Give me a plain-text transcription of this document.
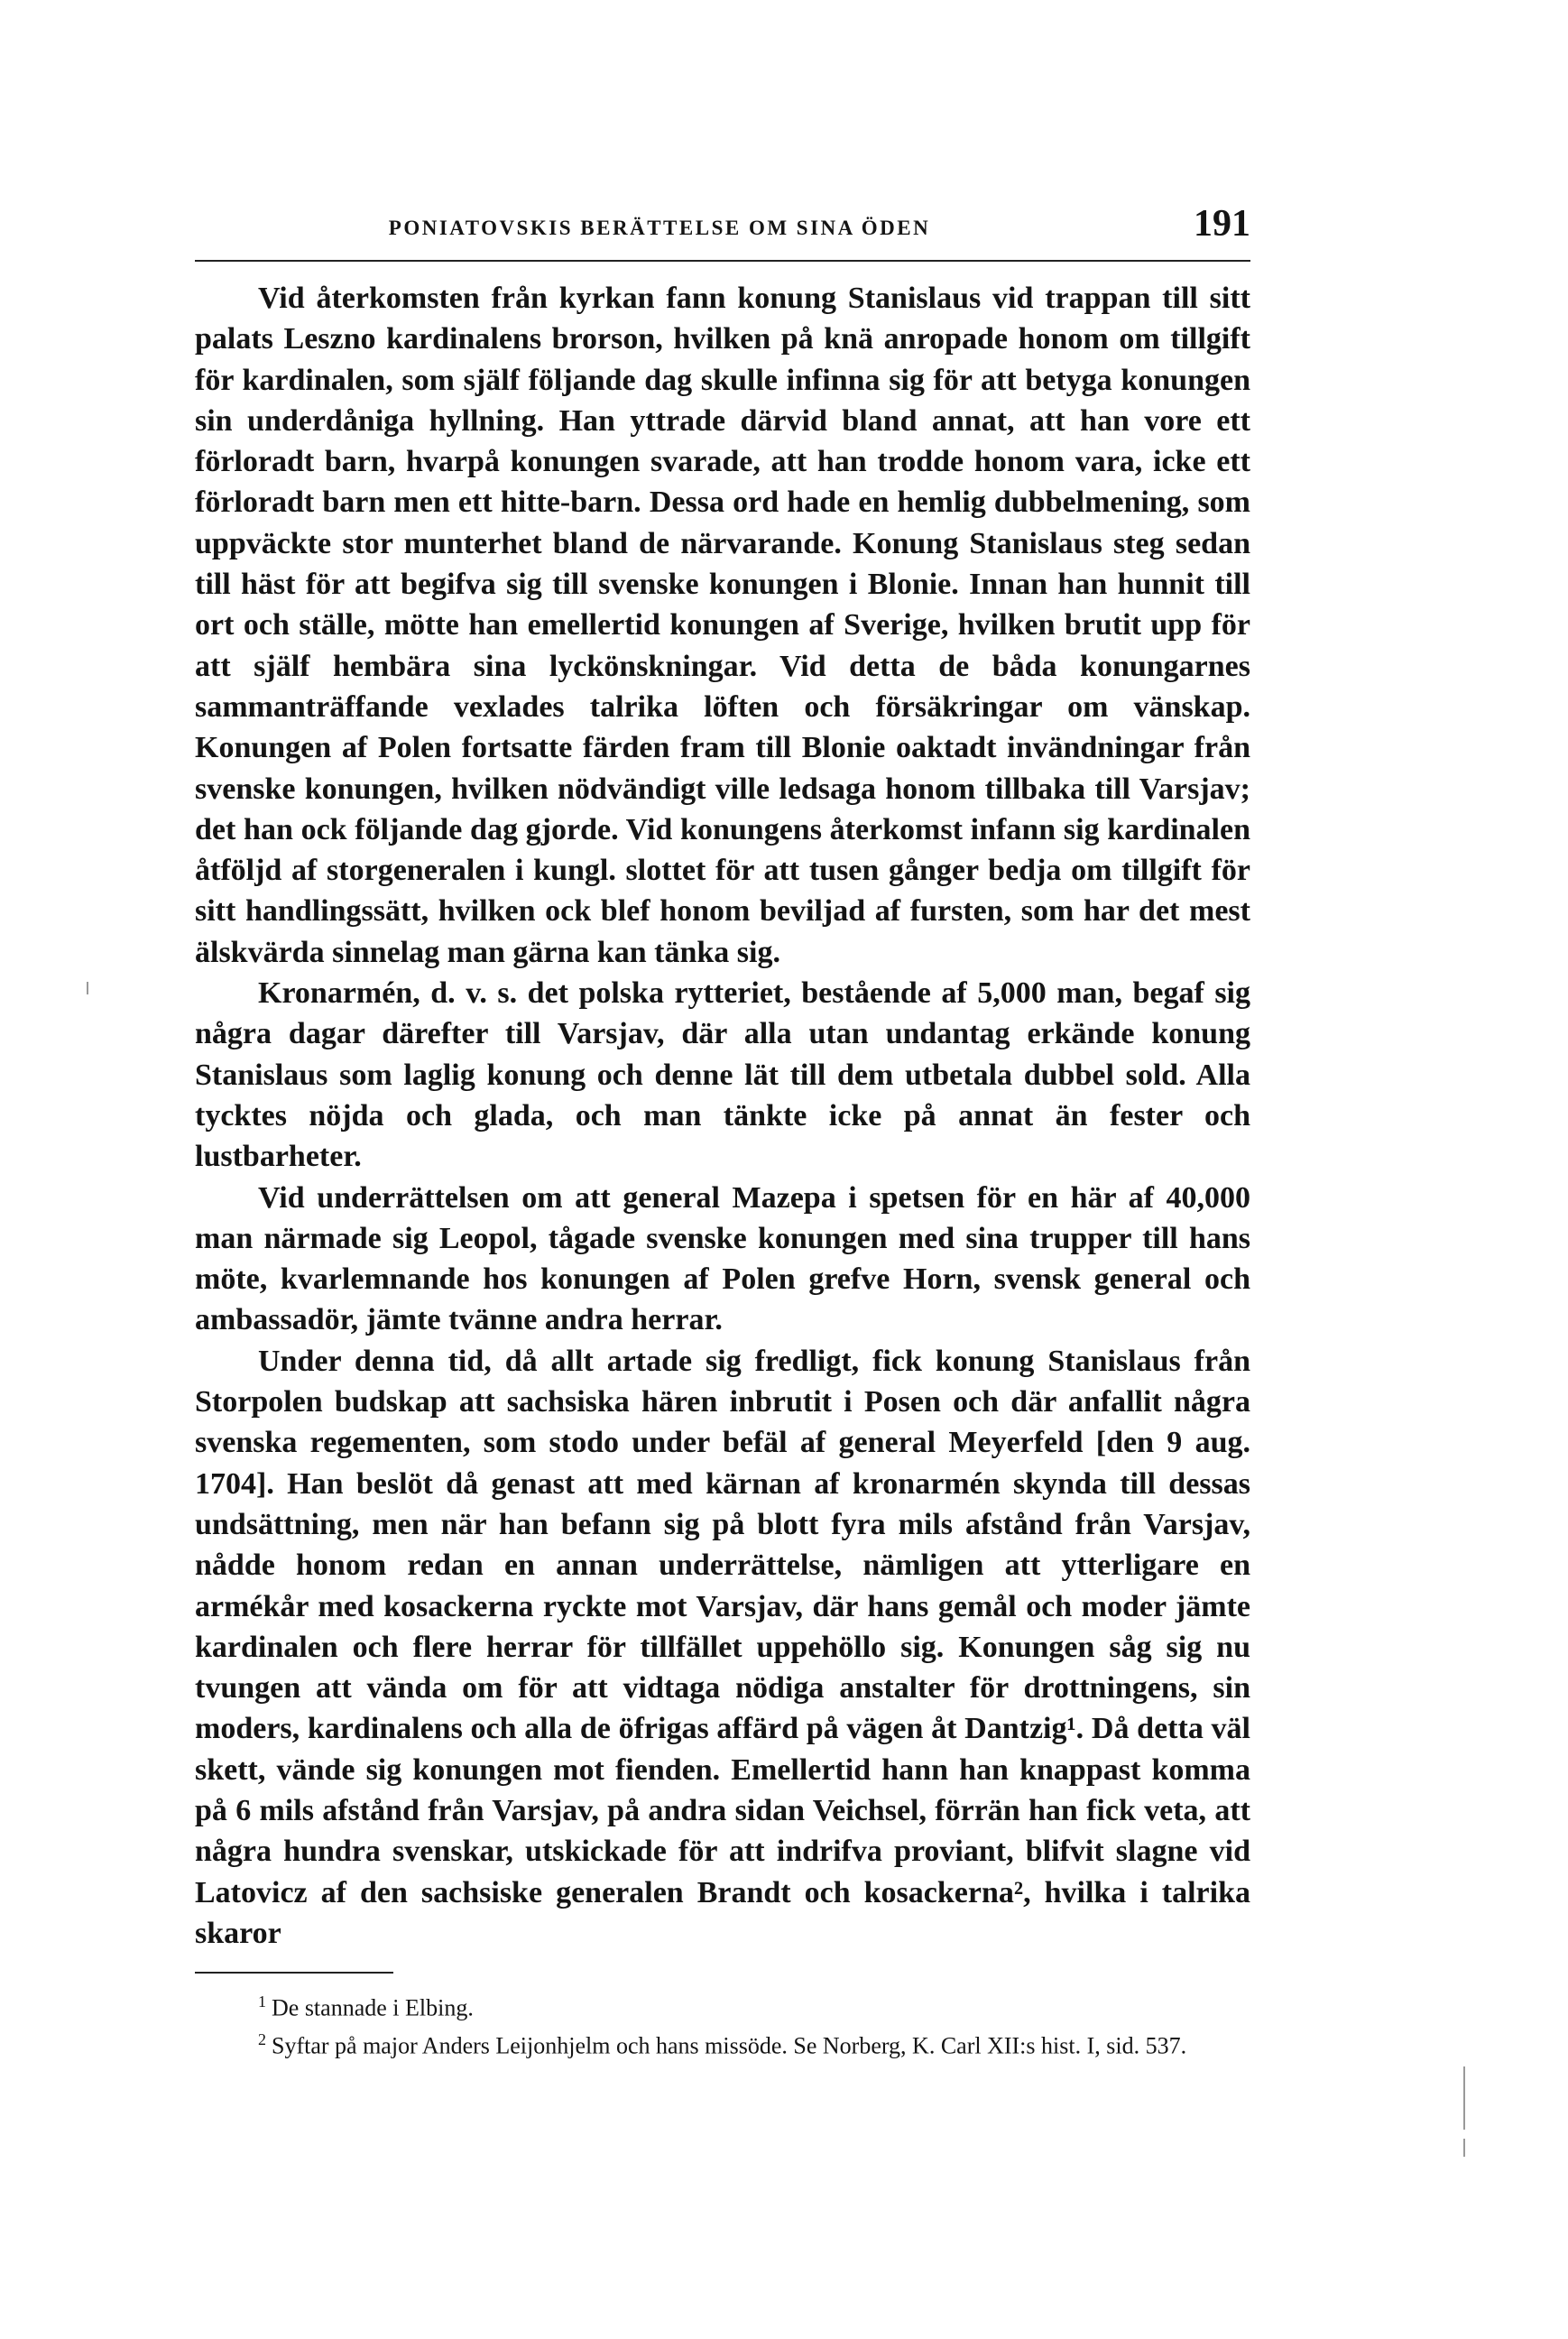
PONIATOVSKIS BERÄTTELSE OM SINA ÖDEN	191

Vid återkomsten från kyrkan fann konung Stanislaus vid trappan till sitt palats Leszno kardinalens brorson, hvilken på knä anropade honom om tillgift för kardinalen, som själf följande dag skulle infinna sig för att betyga konungen sin underdåniga hyllning. Han yttrade därvid bland annat, att han vore ett förloradt barn, hvarpå konungen svarade, att han trodde honom vara, icke ett förloradt barn men ett hitte-barn. Dessa ord hade en hemlig dubbelmening, som uppväckte stor munterhet bland de närvarande. Konung Stanislaus steg sedan till häst för att begifva sig till svenske konungen i Blonie. Innan han hunnit till ort och ställe, mötte han emellertid konungen af Sverige, hvilken brutit upp för att själf hembära sina lyckönskningar. Vid detta de båda konungarnes sammanträffande vexlades talrika löften och försäkringar om vänskap. Konungen af Polen fortsatte färden fram till Blonie oaktadt invändningar från svenske konungen, hvilken nödvändigt ville ledsaga honom tillbaka till Varsjav; det han ock följande dag gjorde. Vid konungens återkomst infann sig kardinalen åtföljd af storgeneralen i kungl. slottet för att tusen gånger bedja om tillgift för sitt handlingssätt, hvilken ock blef honom beviljad af fursten, som har det mest älskvärda sinnelag man gärna kan tänka sig.

Kronarmén, d. v. s. det polska rytteriet, bestående af 5,000 man, begaf sig några dagar därefter till Varsjav, där alla utan undantag erkände konung Stanislaus som laglig konung och denne lät till dem utbetala dubbel sold. Alla tycktes nöjda och glada, och man tänkte icke på annat än fester och lustbarheter.

Vid underrättelsen om att general Mazepa i spetsen för en här af 40,000 man närmade sig Leopol, tågade svenske konungen med sina trupper till hans möte, kvarlemnande hos konungen af Polen grefve Horn, svensk general och ambassadör, jämte tvänne andra herrar.

Under denna tid, då allt artade sig fredligt, fick konung Stanislaus från Storpolen budskap att sachsiska hären inbrutit i Posen och där anfallit några svenska regementen, som stodo under befäl af general Meyerfeld [den 9 aug. 1704]. Han beslöt då genast att med kärnan af kronarmén skynda till dessas undsättning, men när han befann sig på blott fyra mils afstånd från Varsjav, nådde honom redan en annan underrättelse, nämligen att ytterligare en armékår med kosackerna ryckte mot Varsjav, där hans gemål och moder jämte kardinalen och flere herrar för tillfället uppehöllo sig. Konungen såg sig nu tvungen att vända om för att vidtaga nödiga anstalter för drottningens, sin moders, kardinalens och alla de öfrigas affärd på vägen åt Dantzig¹. Då detta väl skett, vände sig konungen mot fienden. Emellertid hann han knappast komma på 6 mils afstånd från Varsjav, på andra sidan Veichsel, förrän han fick veta, att några hundra svenskar, utskickade för att indrifva proviant, blifvit slagne vid Latovicz af den sachsiske generalen Brandt och kosackerna², hvilka i talrika skaror

$^1$ De stannade i Elbing.

$^2$ Syftar på major Anders Leijonhjelm och hans missöde. Se Norberg, K. Carl XII:s hist. I, sid. 537.
